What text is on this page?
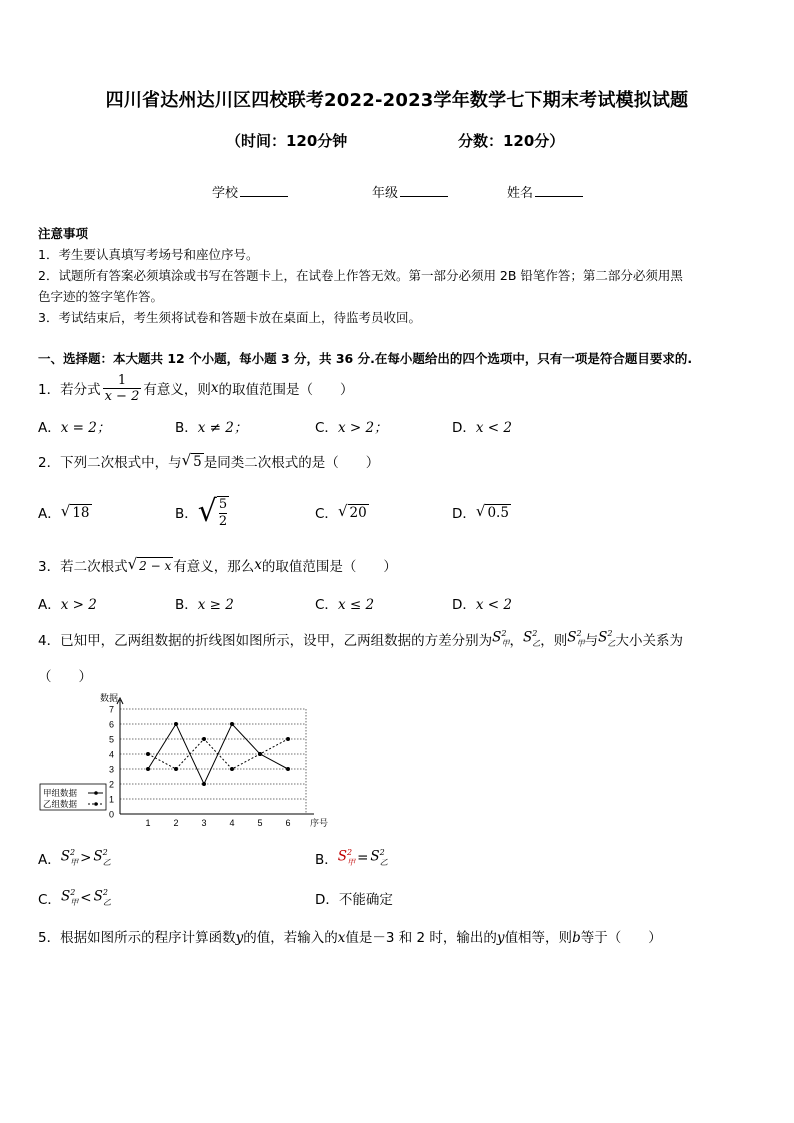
四川省达州达川区四校联考2022-2023学年数学七下期末考试模拟试题
（时间：120分钟	分数：120分）
学校	年级	姓名
注意事项
1．考生要认真填写考场号和座位序号。
2．试题所有答案必须填涂或书写在答题卡上，在试卷上作答无效。第一部分必须用 2B 铅笔作答；第二部分必须用黑
色字迹的签字笔作答。
3．考试结束后，考生须将试卷和答题卡放在桌面上，待监考员收回。
一、选择题：本大题共 12 个小题，每小题 3 分，共 36 分.在每小题给出的四个选项中，只有一项是符合题目要求的.
1．若分式 $\frac{1}{x - 2}$ 有意义，则 x 的取值范围是（　　）
A．x = 2；	B．x ≠ 2；	C．x > 2；	D．x < 2
2．下列二次根式中，与 √ 5 是同类二次根式的是（　　）
A． √ 18	B． √ $\frac{5}{2}$	C． √ 20	D． √ 0.5
3．若二次根式 √ 2 − x 有意义，那么 x 的取值范围是（　　）
A．x > 2	B．x ≥ 2	C．x ≤ 2	D．x < 2
4．已知甲，乙两组数据的折线图如图所示，设甲，乙两组数据的方差分别为 $S^2_甲$ ， $S^2_乙$ ，则 $S^2_甲$ 与 $S^2_乙$ 大小关系为
（　　）
0
1
2
3
4
5
6
7
1	2	3	4	5	6
数据
序号
甲组数据
乙组数据
A． $S^2_甲 > S^2_乙$	B． $S^2_甲 = S^2_乙$
C． $S^2_甲 < S^2_乙$	D．不能确定
5．根据如图所示的程序计算函数y的值，若输入的x值是－3 和 2 时，输出的y值相等，则b等于（　　）
